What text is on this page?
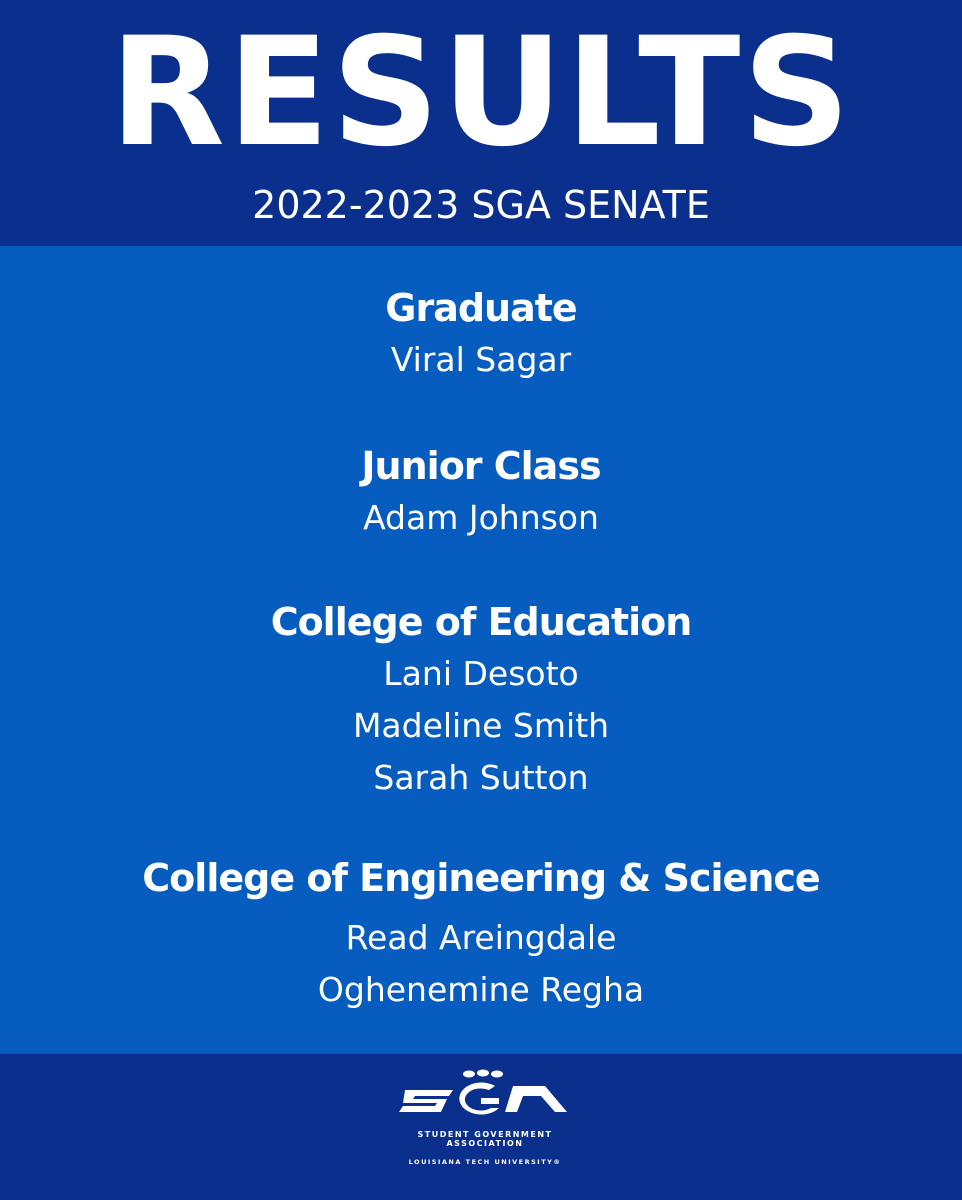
RESULTS
2022-2023 SGA SENATE
Graduate
Viral Sagar
Junior Class
Adam Johnson
College of Education
Lani Desoto
Madeline Smith
Sarah Sutton
College of Engineering & Science
Read Areingdale
Oghenemine Regha
STUDENT GOVERNMENT ASSOCIATION
LOUISIANA TECH UNIVERSITY®
